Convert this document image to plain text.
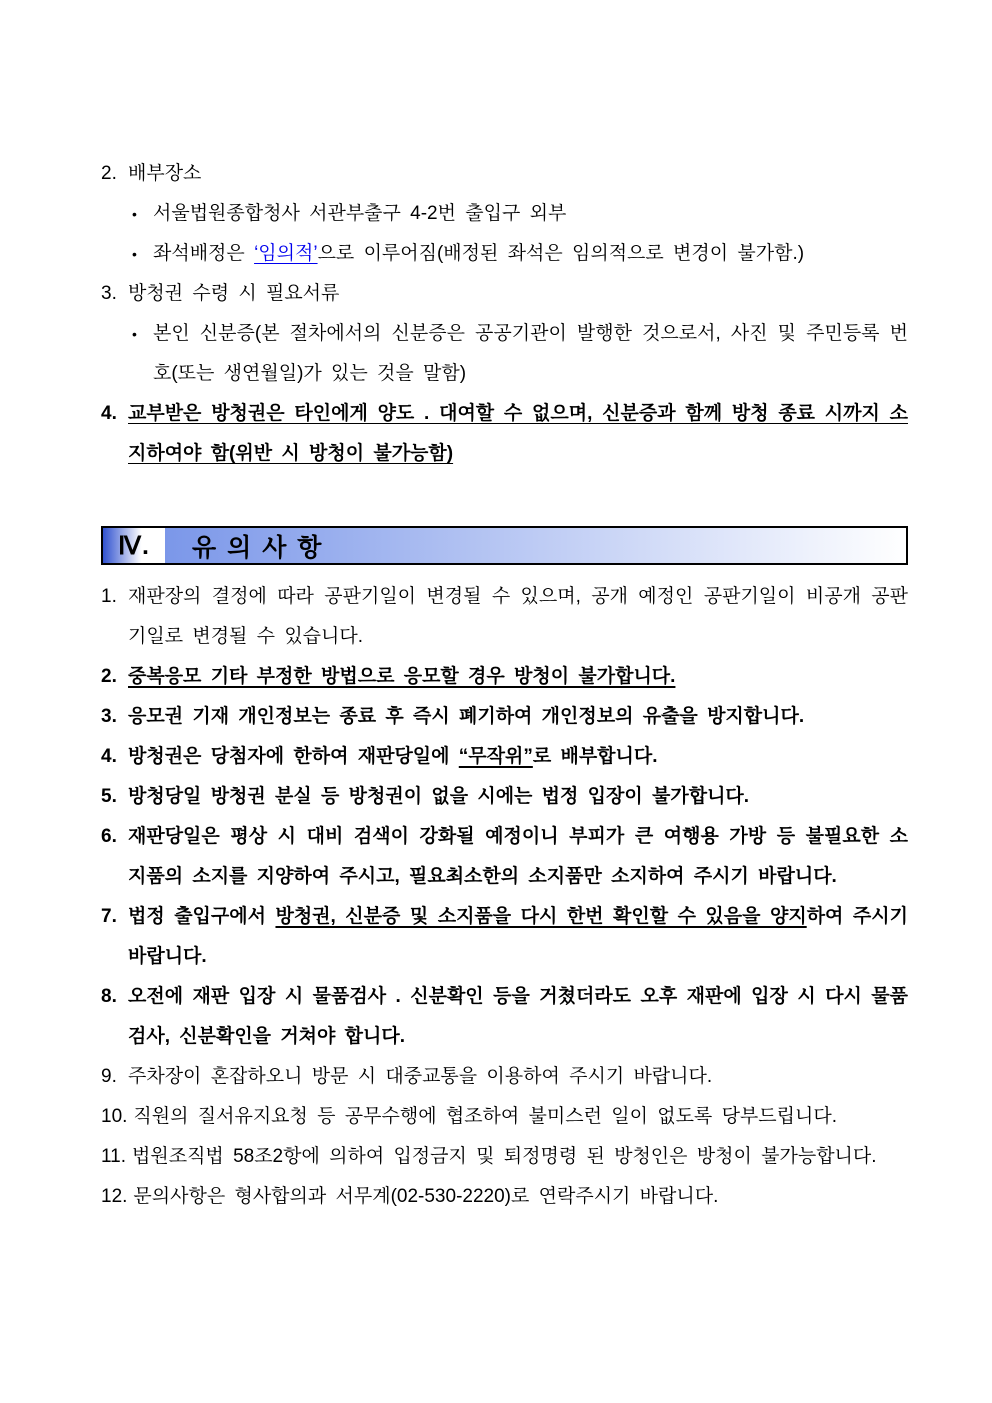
2. 배부장소
• 서울법원종합청사 서관부출구 4-2번 출입구 외부
• 좌석배정은 ‘임의적’으로 이루어짐(배정된 좌석은 임의적으로 변경이 불가함.)
3. 방청권 수령 시 필요서류
• 본인 신분증(본 절차에서의 신분증은 공공기관이 발행한 것으로서, 사진 및 주민등록 번호(또는 생연월일)가 있는 것을 말함)
4. 교부받은 방청권은 타인에게 양도 . 대여할 수 없으며, 신분증과 함께 방청 종료 시까지 소지하여야 함(위반 시 방청이 불가능함)
Ⅳ.	유 의 사 항
1. 재판장의 결정에 따라 공판기일이 변경될 수 있으며, 공개 예정인 공판기일이 비공개 공판기일로 변경될 수 있습니다.
2. 중복응모 기타 부정한 방법으로 응모할 경우 방청이 불가합니다.
3. 응모권 기재 개인정보는 종료 후 즉시 폐기하여 개인정보의 유출을 방지합니다.
4. 방청권은 당첨자에 한하여 재판당일에 “무작위”로 배부합니다.
5. 방청당일 방청권 분실 등 방청권이 없을 시에는 법정 입장이 불가합니다.
6. 재판당일은 평상 시 대비 검색이 강화될 예정이니 부피가 큰 여행용 가방 등 불필요한 소지품의 소지를 지양하여 주시고, 필요최소한의 소지품만 소지하여 주시기 바랍니다.
7. 법정 출입구에서 방청권, 신분증 및 소지품을 다시 한번 확인할 수 있음을 양지하여 주시기 바랍니다.
8. 오전에 재판 입장 시 물품검사 . 신분확인 등을 거쳤더라도 오후 재판에 입장 시 다시 물품검사, 신분확인을 거쳐야 합니다.
9. 주차장이 혼잡하오니 방문 시 대중교통을 이용하여 주시기 바랍니다.
10. 직원의 질서유지요청 등 공무수행에 협조하여 불미스런 일이 없도록 당부드립니다.
11. 법원조직법 58조2항에 의하여 입정금지 및 퇴정명령 된 방청인은 방청이 불가능합니다.
12. 문의사항은 형사합의과 서무계(02-530-2220)로 연락주시기 바랍니다.
